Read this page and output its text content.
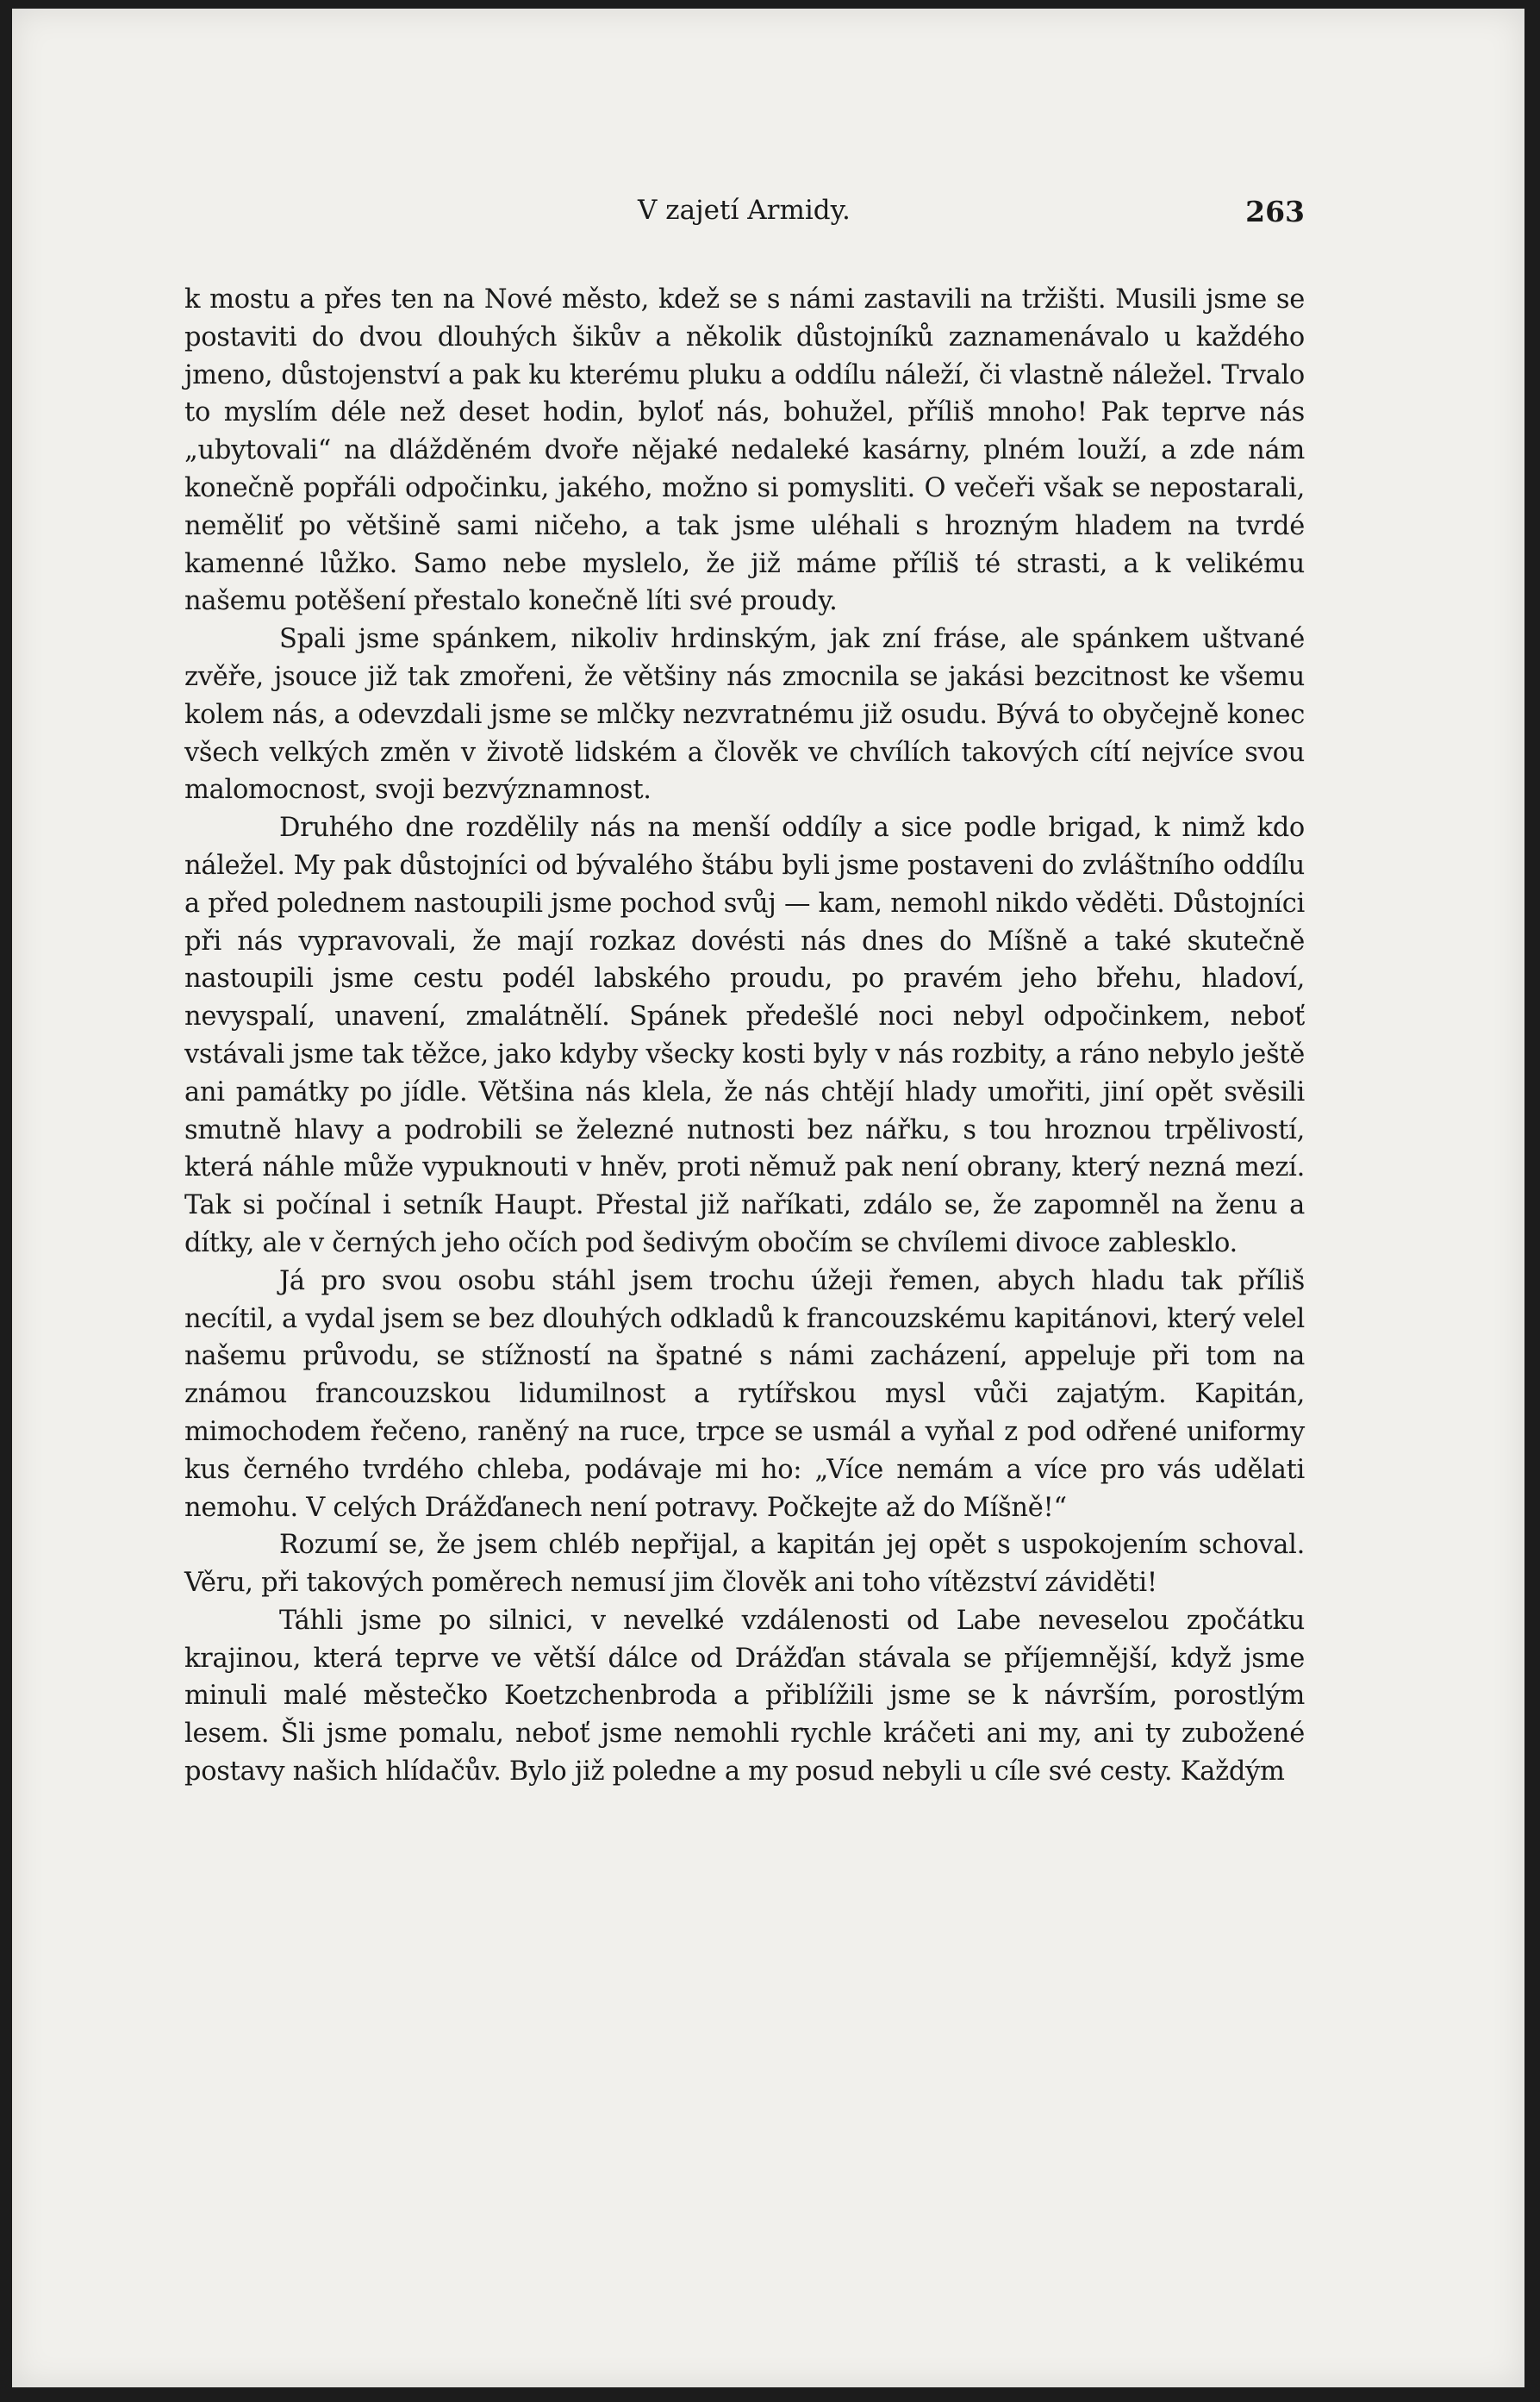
V zajetí Armidy.	263

k mostu a přes ten na Nové město, kdež se s námi zastavili na tržišti. Musili jsme se postaviti do dvou dlouhých šikův a několik důstojníků zaznamenávalo u každého jmeno, důstojenství a pak ku kterému pluku a oddílu náleží, či vlastně náležel. Trvalo to myslím déle než deset hodin, byloť nás, bohužel, příliš mnoho! Pak teprve nás „ubytovali“ na dlážděném dvoře nějaké nedaleké kasárny, plném louží, a zde nám konečně popřáli odpočinku, jakého, možno si pomysliti. O večeři však se nepostarali, neměliť po většině sami ničeho, a tak jsme uléhali s hrozným hladem na tvrdé kamenné lůžko. Samo nebe myslelo, že již máme příliš té strasti, a k velikému našemu potěšení přestalo konečně líti své proudy.

Spali jsme spánkem, nikoliv hrdinským, jak zní fráse, ale spánkem uštvané zvěře, jsouce již tak zmořeni, že většiny nás zmocnila se jakási bezcitnost ke všemu kolem nás, a odevzdali jsme se mlčky nezvratnému již osudu. Bývá to obyčejně konec všech velkých změn v životě lidském a člověk ve chvílích takových cítí nejvíce svou malomocnost, svoji bezvýznamnost.

Druhého dne rozdělily nás na menší oddíly a sice podle brigad, k nimž kdo náležel. My pak důstojníci od bývalého štábu byli jsme postaveni do zvláštního oddílu a před polednem nastoupili jsme pochod svůj — kam, nemohl nikdo věděti. Důstojníci při nás vypravovali, že mají rozkaz dovésti nás dnes do Míšně a také skutečně nastoupili jsme cestu podél labského proudu, po pravém jeho břehu, hladoví, nevyspalí, unavení, zmalátnělí. Spánek předešlé noci nebyl odpočinkem, neboť vstávali jsme tak těžce, jako kdyby všecky kosti byly v nás rozbity, a ráno nebylo ještě ani památky po jídle. Většina nás klela, že nás chtějí hlady umořiti, jiní opět svěsili smutně hlavy a podrobili se železné nutnosti bez nářku, s tou hroznou trpělivostí, která náhle může vypuknouti v hněv, proti němuž pak není obrany, který nezná mezí. Tak si počínal i setník Haupt. Přestal již naříkati, zdálo se, že zapomněl na ženu a dítky, ale v černých jeho očích pod šedivým obočím se chvílemi divoce zablesklo.

Já pro svou osobu stáhl jsem trochu úžeji řemen, abych hladu tak příliš necítil, a vydal jsem se bez dlouhých odkladů k francouzskému kapitánovi, který velel našemu průvodu, se stížností na špatné s námi zacházení, appeluje při tom na známou francouzskou lidumilnost a rytířskou mysl vůči zajatým. Kapitán, mimochodem řečeno, raněný na ruce, trpce se usmál a vyňal z pod odřené uniformy kus černého tvrdého chleba, podávaje mi ho: „Více nemám a více pro vás udělati nemohu. V celých Drážďanech není potravy. Počkejte až do Míšně!“

Rozumí se, že jsem chléb nepřijal, a kapitán jej opět s uspokojením schoval. Věru, při takových poměrech nemusí jim člověk ani toho vítězství záviděti!

Táhli jsme po silnici, v nevelké vzdálenosti od Labe neveselou zpočátku krajinou, která teprve ve větší dálce od Drážďan stávala se příjemnější, když jsme minuli malé městečko Koetzchenbroda a přiblížili jsme se k návrším, porostlým lesem. Šli jsme pomalu, neboť jsme nemohli rychle kráčeti ani my, ani ty zubožené postavy našich hlídačův. Bylo již poledne a my posud nebyli u cíle své cesty. Každým
